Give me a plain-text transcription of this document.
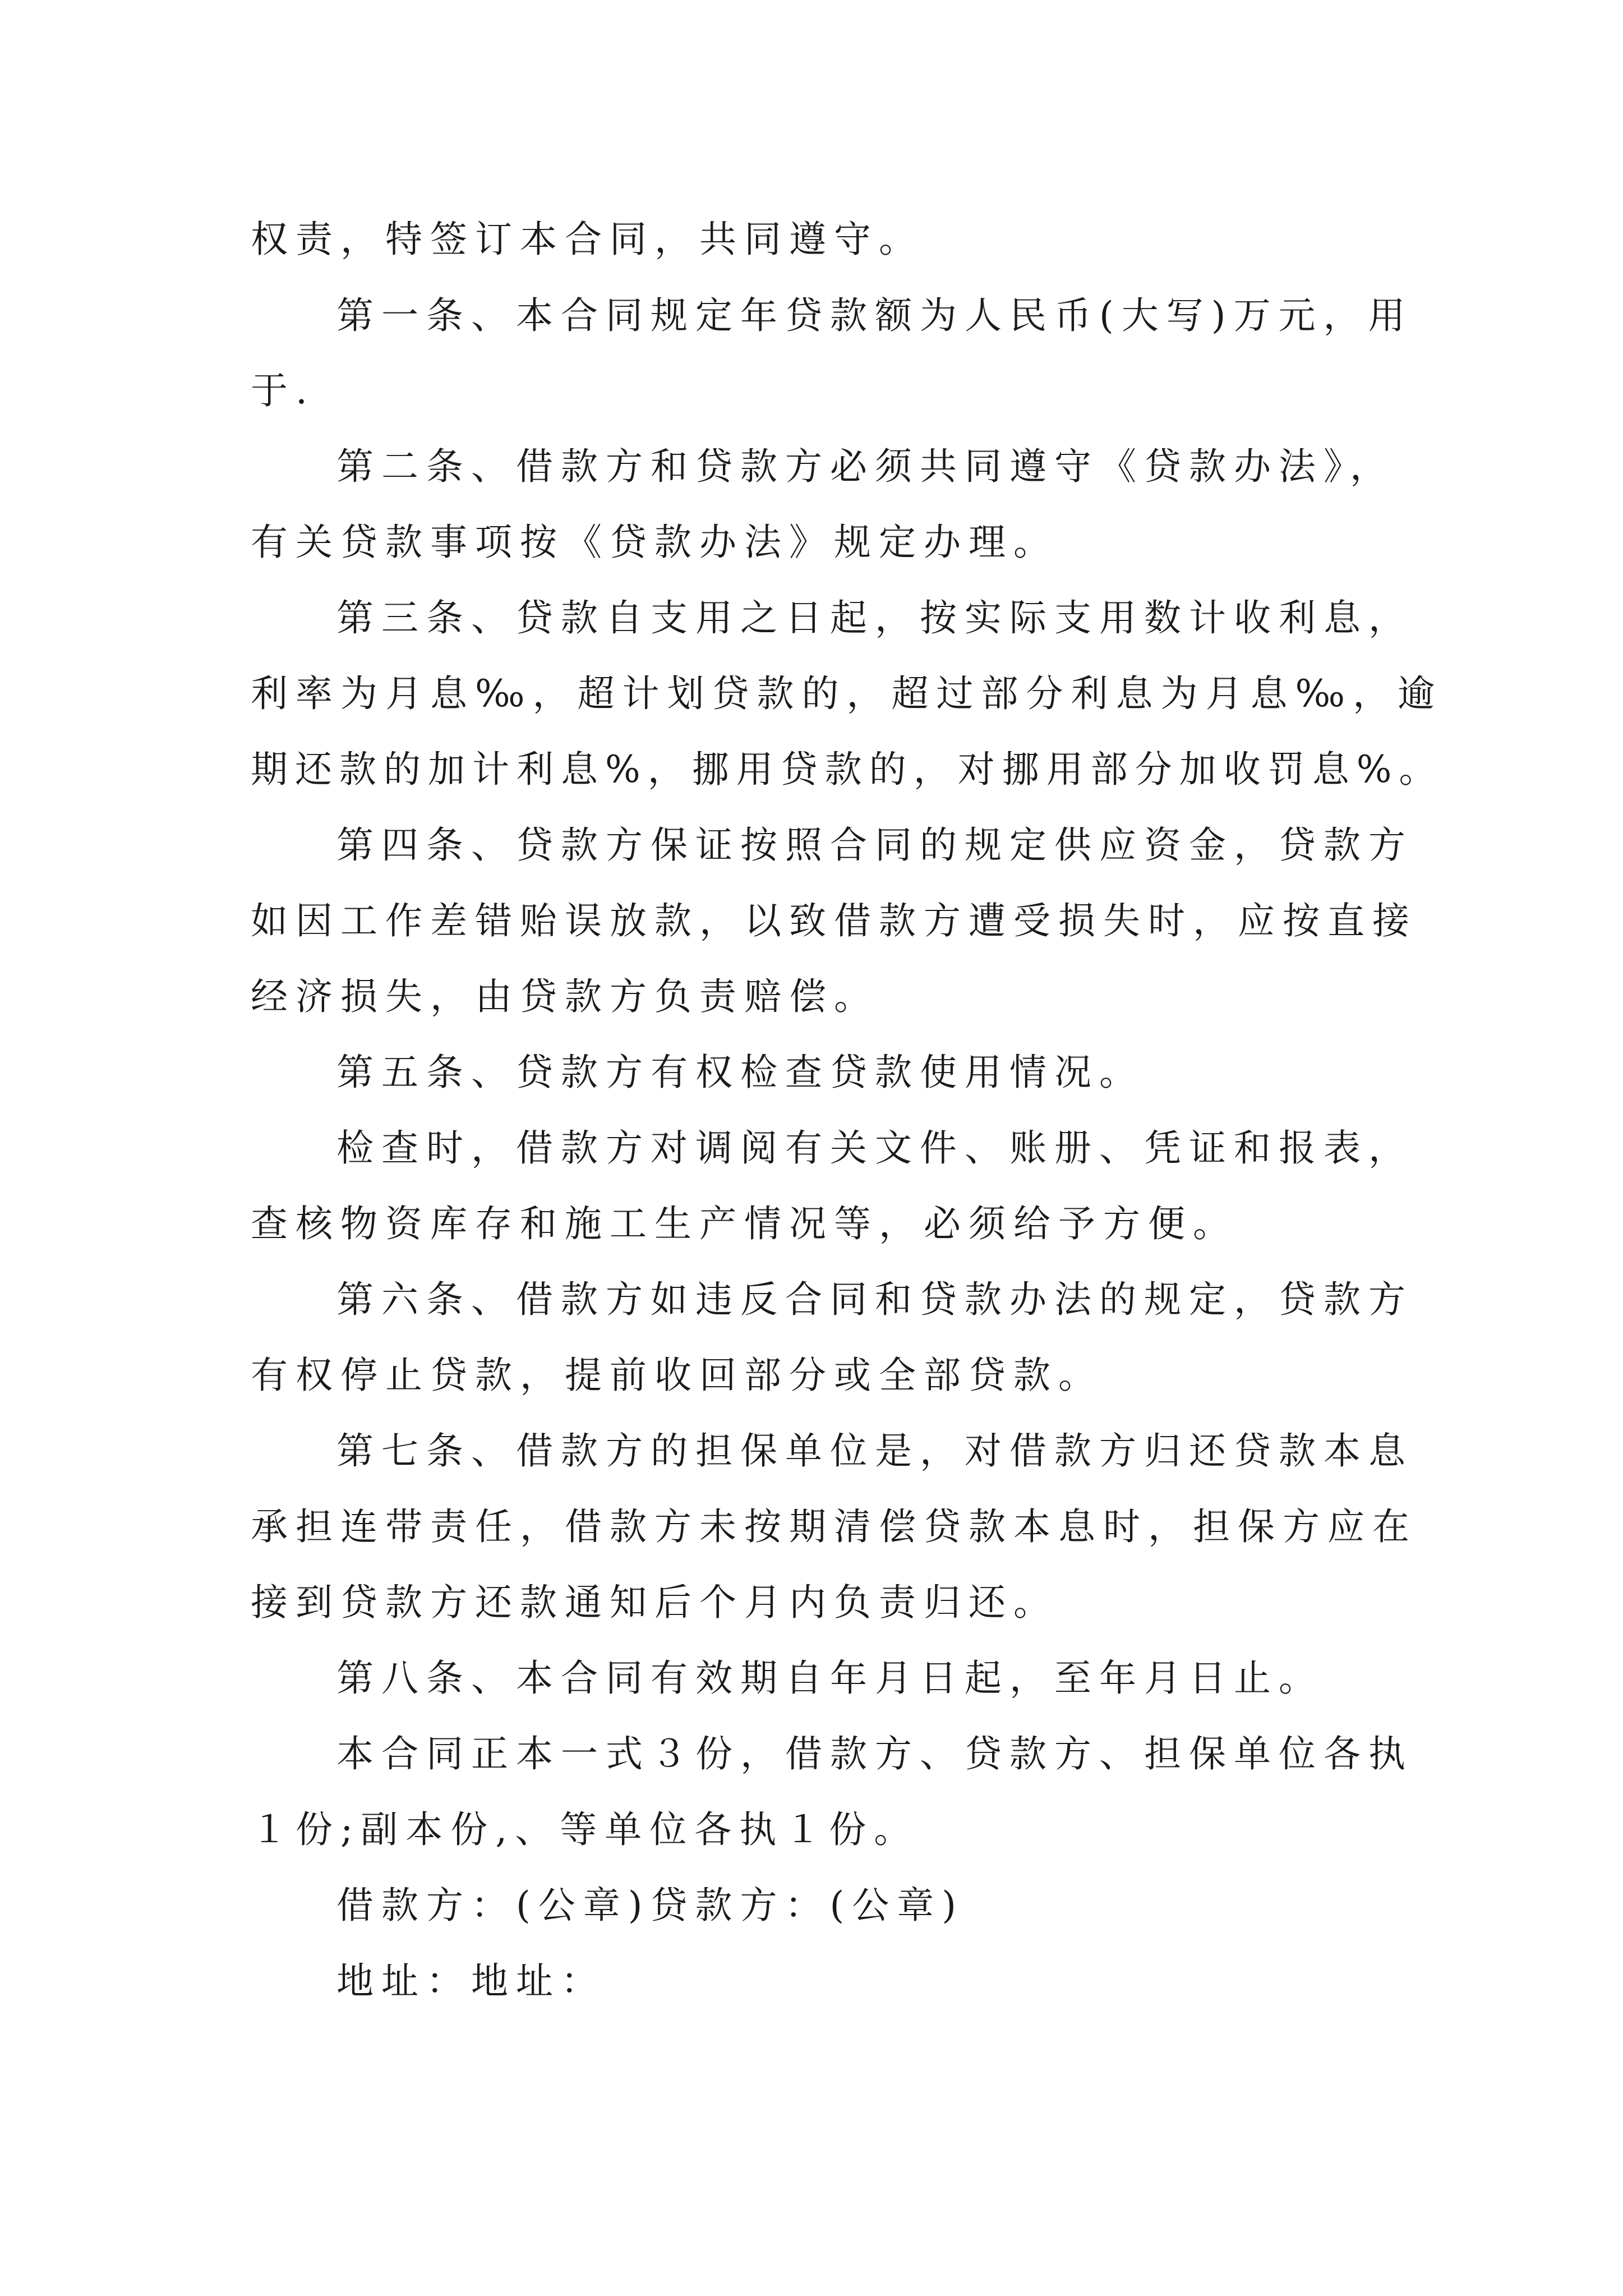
权责，特签订本合同，共同遵守。

第一条、本合同规定年贷款额为人民币(大写)万元，用

于.

第二条、借款方和贷款方必须共同遵守《贷款办法》，

有关贷款事项按《贷款办法》规定办理。

第三条、贷款自支用之日起，按实际支用数计收利息，

利率为月息‰，超计划贷款的，超过部分利息为月息‰，逾

期还款的加计利息%，挪用贷款的，对挪用部分加收罚息%。

第四条、贷款方保证按照合同的规定供应资金，贷款方

如因工作差错贻误放款，以致借款方遭受损失时，应按直接

经济损失，由贷款方负责赔偿。

第五条、贷款方有权检查贷款使用情况。

检查时，借款方对调阅有关文件、账册、凭证和报表，

查核物资库存和施工生产情况等，必须给予方便。

第六条、借款方如违反合同和贷款办法的规定，贷款方

有权停止贷款，提前收回部分或全部贷款。

第七条、借款方的担保单位是，对借款方归还贷款本息

承担连带责任，借款方未按期清偿贷款本息时，担保方应在

接到贷款方还款通知后个月内负责归还。

第八条、本合同有效期自年月日起，至年月日止。

本合同正本一式３份，借款方、贷款方、担保单位各执

１份;副本份,、等单位各执１份。

借款方：(公章)贷款方：(公章)

地址：地址：
